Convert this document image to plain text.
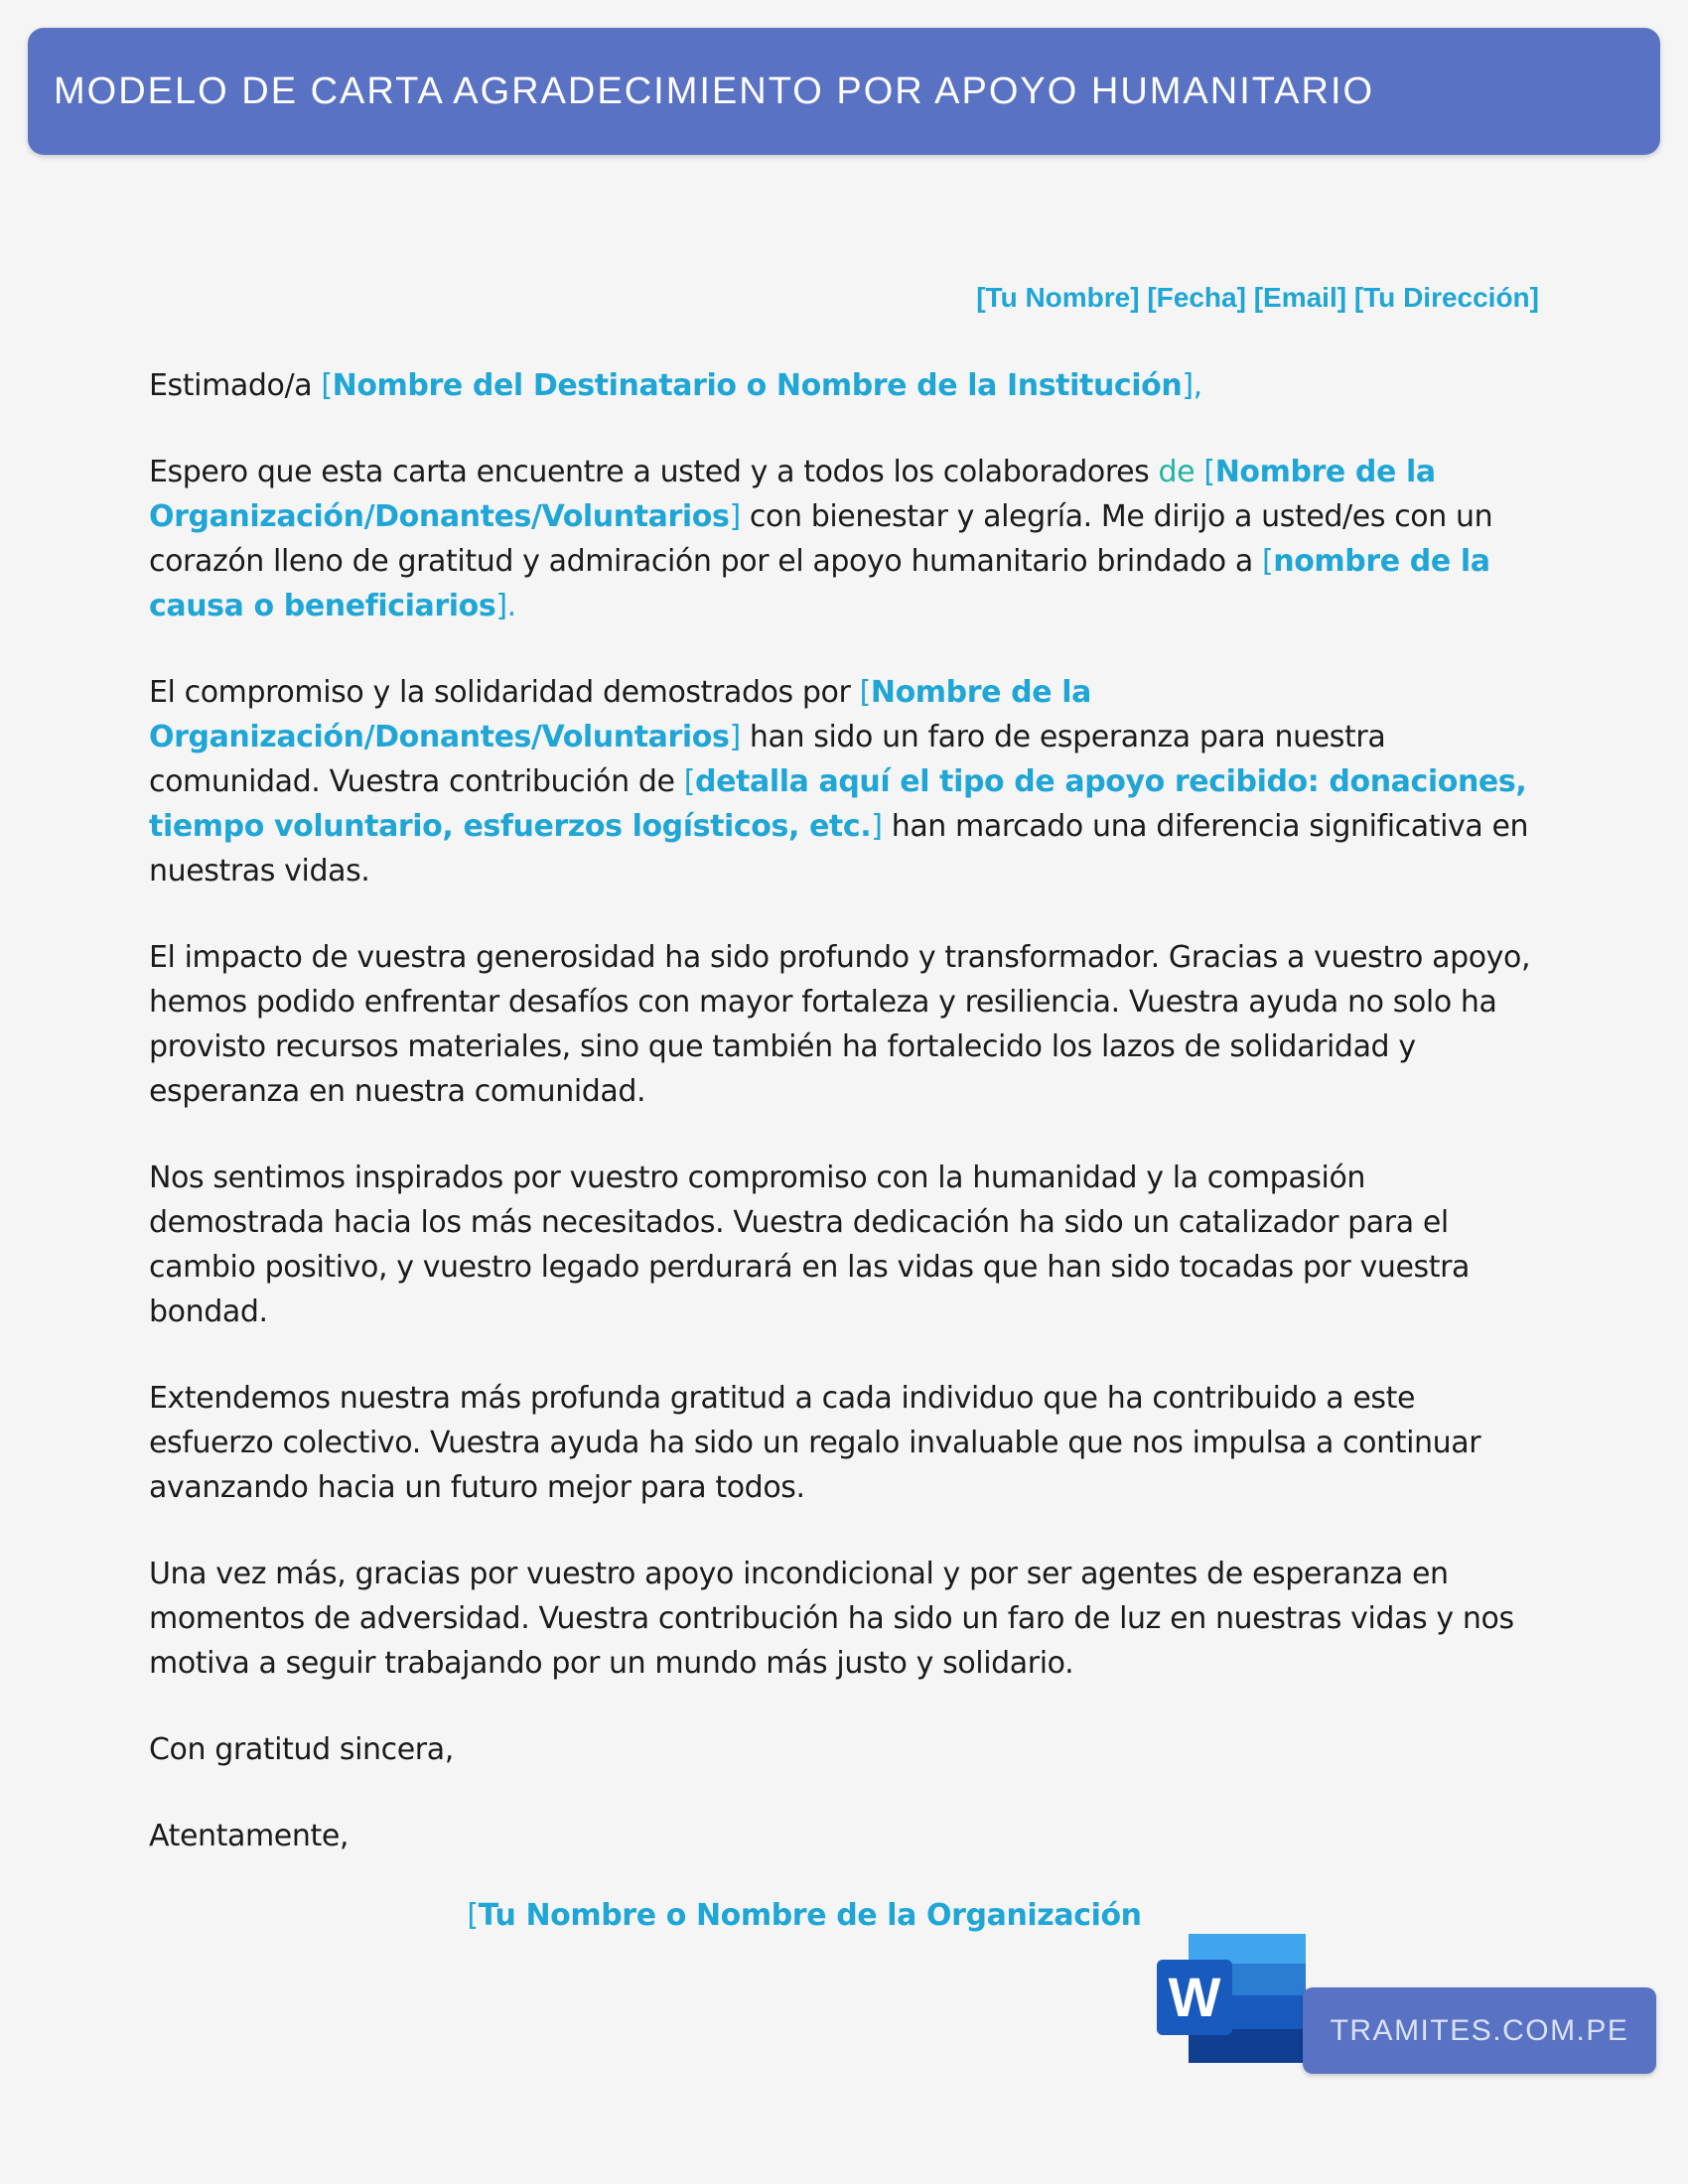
MODELO DE CARTA AGRADECIMIENTO POR APOYO HUMANITARIO
[Tu Nombre] [Fecha] [Email] [Tu Dirección]

Estimado/a [Nombre del Destinatario o Nombre de la Institución],

Espero que esta carta encuentre a usted y a todos los colaboradores de [Nombre de la Organización/Donantes/Voluntarios] con bienestar y alegría. Me dirijo a usted/es con un corazón lleno de gratitud y admiración por el apoyo humanitario brindado a [nombre de la causa o beneficiarios].

El compromiso y la solidaridad demostrados por [Nombre de la Organización/Donantes/Voluntarios] han sido un faro de esperanza para nuestra comunidad. Vuestra contribución de [detalla aquí el tipo de apoyo recibido: donaciones, tiempo voluntario, esfuerzos logísticos, etc.] han marcado una diferencia significativa en nuestras vidas.

El impacto de vuestra generosidad ha sido profundo y transformador. Gracias a vuestro apoyo, hemos podido enfrentar desafíos con mayor fortaleza y resiliencia. Vuestra ayuda no solo ha provisto recursos materiales, sino que también ha fortalecido los lazos de solidaridad y esperanza en nuestra comunidad.

Nos sentimos inspirados por vuestro compromiso con la humanidad y la compasión demostrada hacia los más necesitados. Vuestra dedicación ha sido un catalizador para el cambio positivo, y vuestro legado perdurará en las vidas que han sido tocadas por vuestra bondad.

Extendemos nuestra más profunda gratitud a cada individuo que ha contribuido a este esfuerzo colectivo. Vuestra ayuda ha sido un regalo invaluable que nos impulsa a continuar avanzando hacia un futuro mejor para todos.

Una vez más, gracias por vuestro apoyo incondicional y por ser agentes de esperanza en momentos de adversidad. Vuestra contribución ha sido un faro de luz en nuestras vidas y nos motiva a seguir trabajando por un mundo más justo y solidario.

Con gratitud sincera,

Atentamente,

[Tu Nombre o Nombre de la Organización
W
TRAMITES.COM.PE
